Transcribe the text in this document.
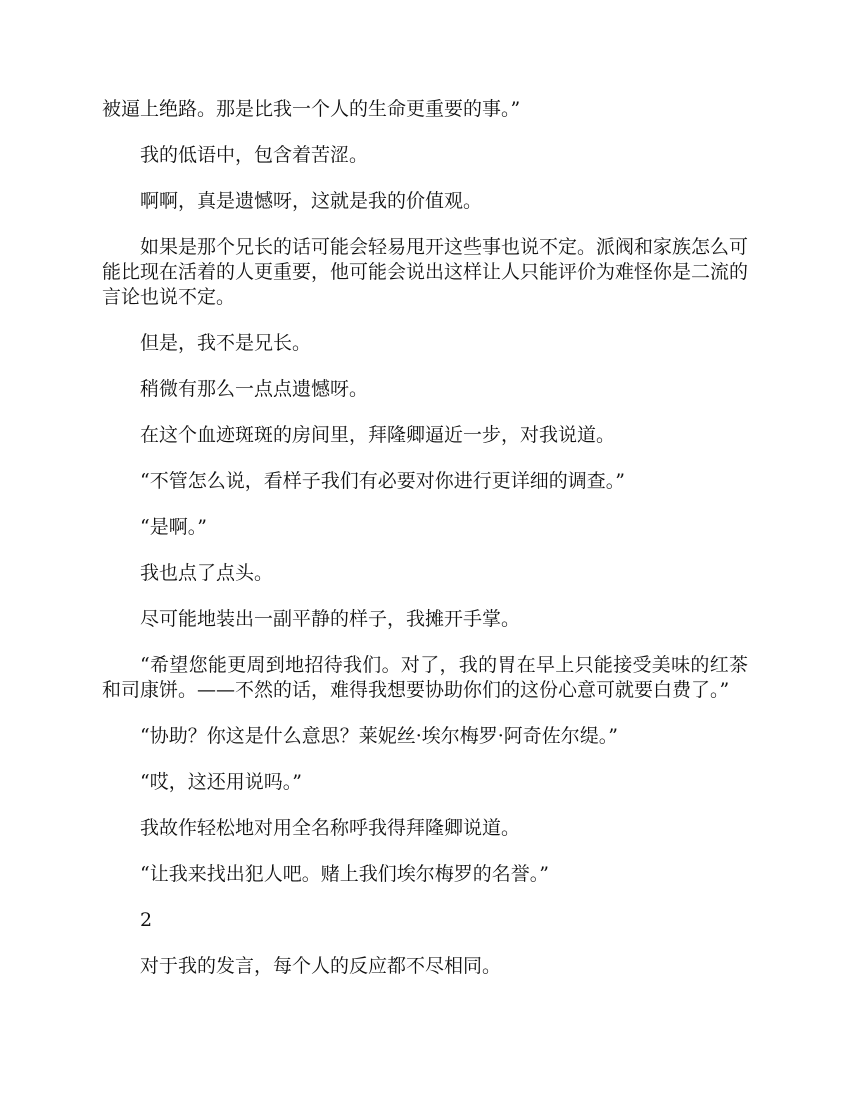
被逼上绝路。那是比我一个人的生命更重要的事。”

我的低语中，包含着苦涩。

啊啊，真是遗憾呀，这就是我的价值观。

如果是那个兄长的话可能会轻易甩开这些事也说不定。派阀和家族怎么可能比现在活着的人更重要，他可能会说出这样让人只能评价为难怪你是二流的言论也说不定。

但是，我不是兄长。

稍微有那么一点点遗憾呀。

在这个血迹斑斑的房间里，拜隆卿逼近一步，对我说道。

“不管怎么说，看样子我们有必要对你进行更详细的调查。”

“是啊。”

我也点了点头。

尽可能地装出一副平静的样子，我摊开手掌。

“希望您能更周到地招待我们。对了，我的胃在早上只能接受美味的红茶和司康饼。——不然的话，难得我想要协助你们的这份心意可就要白费了。”

“协助？你这是什么意思？莱妮丝·埃尔梅罗·阿奇佐尔缇。”

“哎，这还用说吗。”

我故作轻松地对用全名称呼我得拜隆卿说道。

“让我来找出犯人吧。赌上我们埃尔梅罗的名誉。”

2

对于我的发言，每个人的反应都不尽相同。
